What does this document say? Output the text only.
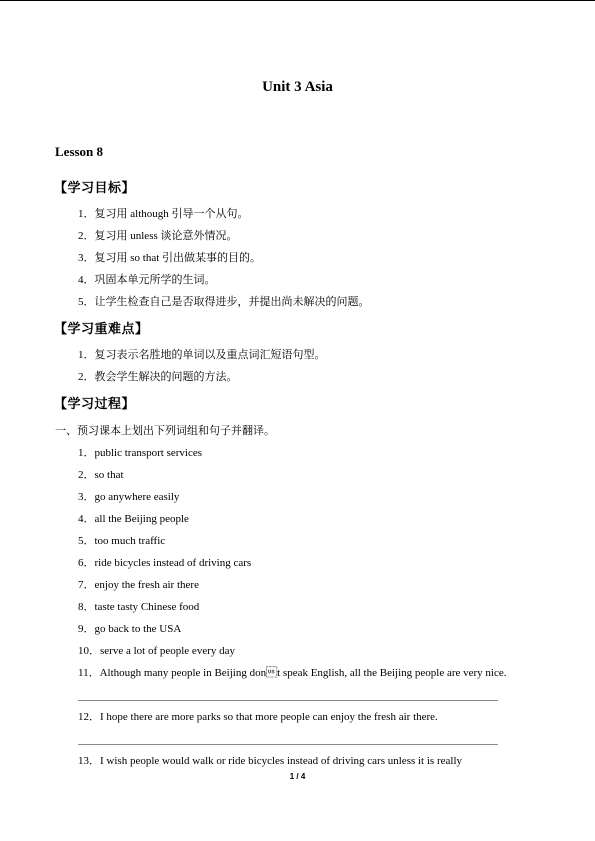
Unit 3 Asia
Lesson 8
【学习目标】
1．复习用 although 引导一个从句。
2．复习用 unless 谈论意外情况。
3．复习用 so that 引出做某事的目的。
4．巩固本单元所学的生词。
5．让学生检查自己是否取得进步，并提出尚未解决的问题。
【学习重难点】
1．复习表示名胜地的单词以及重点词汇短语句型。
2．教会学生解决的问题的方法。
【学习过程】
一、预习课本上划出下列词组和句子并翻译。
1．public transport services
2．so that
3．go anywhere easily
4．all the Beijing people
5．too much traffic
6．ride bicycles instead of driving cars
7．enjoy the fresh air there
8．taste tasty Chinese food
9．go back to the USA
10．serve a lot of people every day
11．Although many people in Beijing dont speak English, all the Beijing people are very nice.
12．I hope there are more parks so that more people can enjoy the fresh air there.
13．I wish people would walk or ride bicycles instead of driving cars unless it is really
1 / 4
